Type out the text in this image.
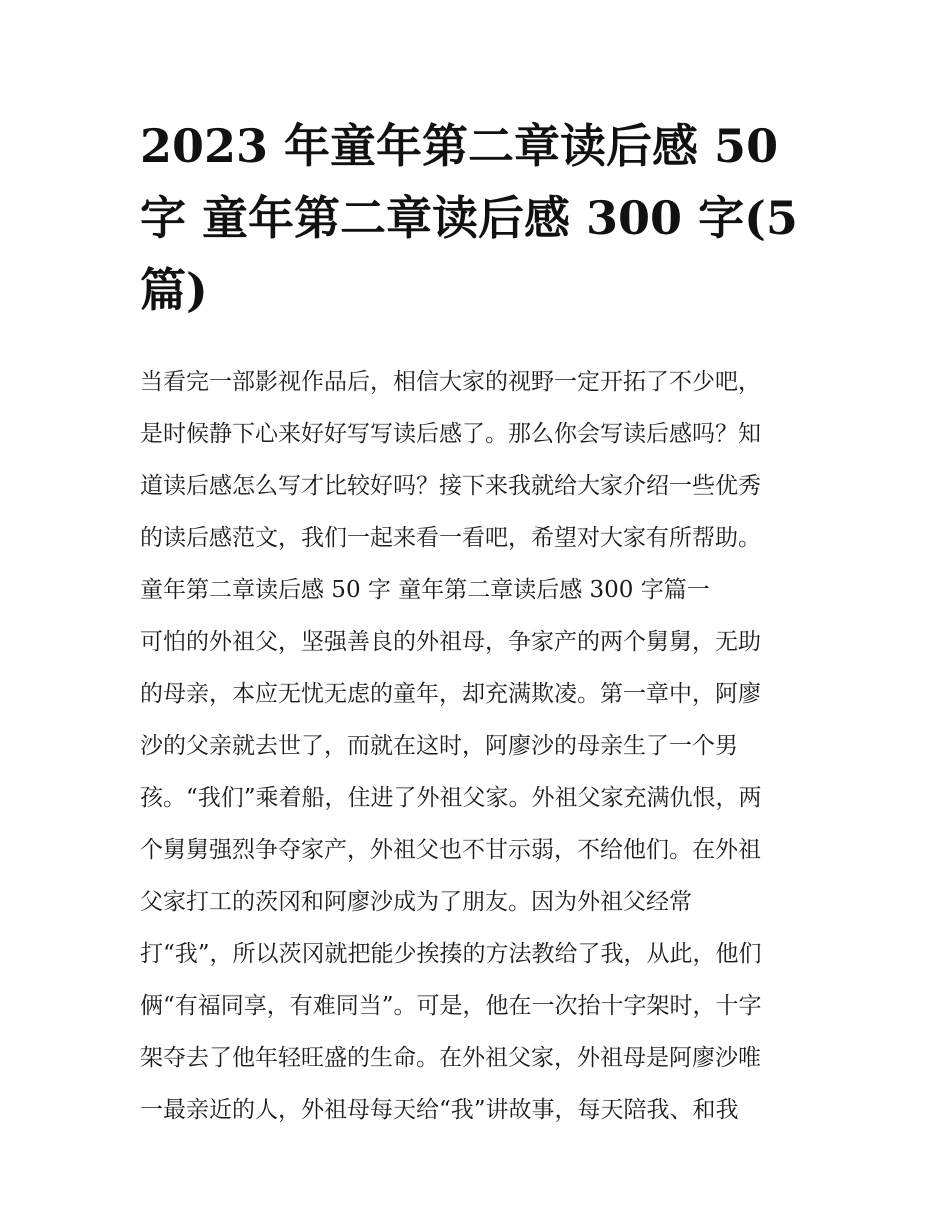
2023 年童年第二章读后感 50 字 童年第二章读后感 300 字(5 篇)
当看完一部影视作品后，相信大家的视野一定开拓了不少吧，
是时候静下心来好好写写读后感了。那么你会写读后感吗？知
道读后感怎么写才比较好吗？接下来我就给大家介绍一些优秀
的读后感范文，我们一起来看一看吧，希望对大家有所帮助。
童年第二章读后感 50 字 童年第二章读后感 300 字篇一
可怕的外祖父，坚强善良的外祖母，争家产的两个舅舅，无助
的母亲，本应无忧无虑的童年，却充满欺凌。第一章中，阿廖
沙的父亲就去世了，而就在这时，阿廖沙的母亲生了一个男
孩。“我们”乘着船，住进了外祖父家。外祖父家充满仇恨，两
个舅舅强烈争夺家产，外祖父也不甘示弱，不给他们。在外祖
父家打工的茨冈和阿廖沙成为了朋友。因为外祖父经常
打“我”，所以茨冈就把能少挨揍的方法教给了我，从此，他们
俩“有福同享，有难同当”。可是，他在一次抬十字架时，十字
架夺去了他年轻旺盛的生命。在外祖父家，外祖母是阿廖沙唯
一最亲近的人，外祖母每天给“我”讲故事，每天陪我、和我
